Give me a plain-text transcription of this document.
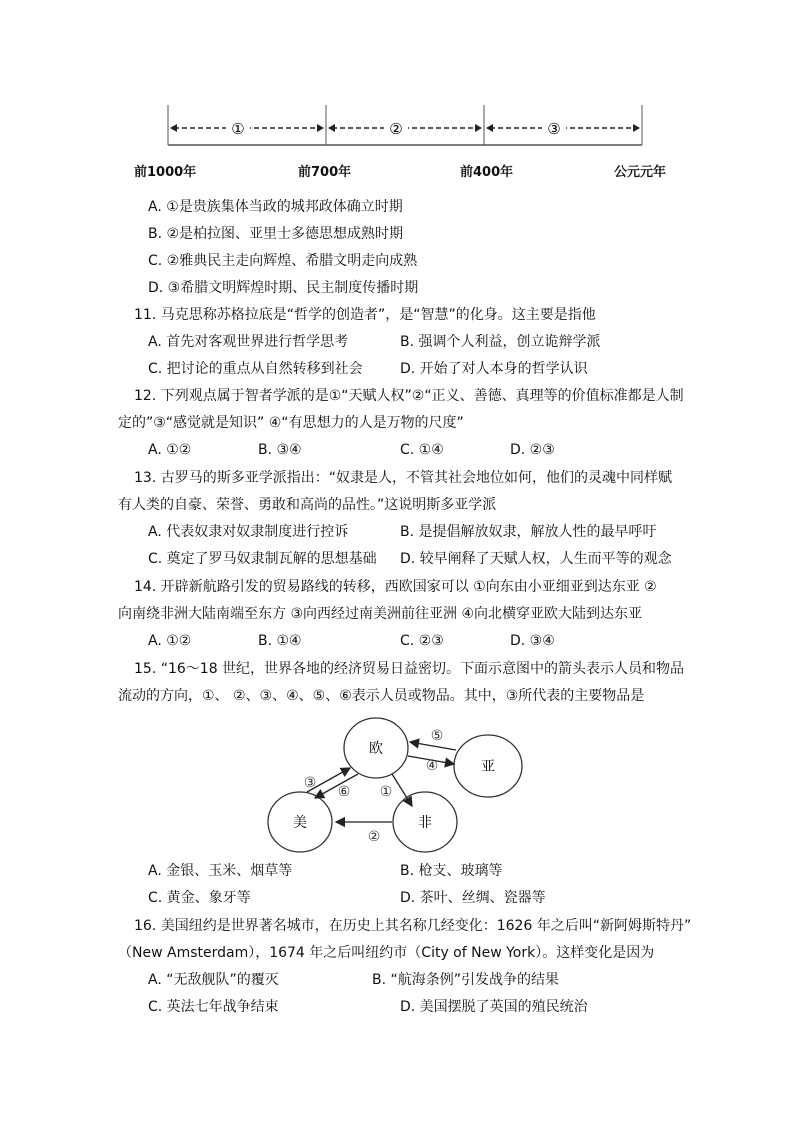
①	②	③
前1000年	前700年	前400年	公元元年
A. ①是贵族集体当政的城邦政体确立时期
B. ②是柏拉图、亚里士多德思想成熟时期
C. ②雅典民主走向辉煌、希腊文明走向成熟
D. ③希腊文明辉煌时期、民主制度传播时期
11. 马克思称苏格拉底是“哲学的创造者”，是“智慧”的化身。这主要是指他
A. 首先对客观世界进行哲学思考	B. 强调个人利益，创立诡辩学派
C. 把讨论的重点从自然转移到社会	D. 开始了对人本身的哲学认识
12. 下列观点属于智者学派的是①“天赋人权”②“正义、善德、真理等的价值标准都是人制
定的”③“感觉就是知识” ④“有思想力的人是万物的尺度”
A. ①②	B. ③④	C. ①④	D. ②③
13. 古罗马的斯多亚学派指出：“奴隶是人，不管其社会地位如何，他们的灵魂中同样赋
有人类的自豪、荣誉、勇敢和高尚的品性。”这说明斯多亚学派
A. 代表奴隶对奴隶制度进行控诉	B. 是提倡解放奴隶，解放人性的最早呼吁
C. 奠定了罗马奴隶制瓦解的思想基础 D. 较早阐释了天赋人权，人生而平等的观念
14. 开辟新航路引发的贸易路线的转移，西欧国家可以 ①向东由小亚细亚到达东亚 ②
向南绕非洲大陆南端至东方 ③向西经过南美洲前往亚洲 ④向北横穿亚欧大陆到达东亚
A. ①②	B. ①④	C. ②③	D. ③④
15. “16～18 世纪，世界各地的经济贸易日益密切。下面示意图中的箭头表示人员和物品
流动的方向，①、 ②、③、④、⑤、⑥表示人员或物品。其中，③所代表的主要物品是
欧
亚
美	非
⑤
④
③
⑥ ①
②
A. 金银、玉米、烟草等	B. 枪支、玻璃等
C. 黄金、象牙等	D. 茶叶、丝绸、瓷器等
16. 美国纽约是世界著名城市，在历史上其名称几经变化：1626 年之后叫“新阿姆斯特丹”
（New Amsterdam），1674 年之后叫纽约市（City of New York）。这样变化是因为
A. “无敌舰队”的覆灭	B. “航海条例”引发战争的结果
C. 英法七年战争结束	D. 美国摆脱了英国的殖民统治
